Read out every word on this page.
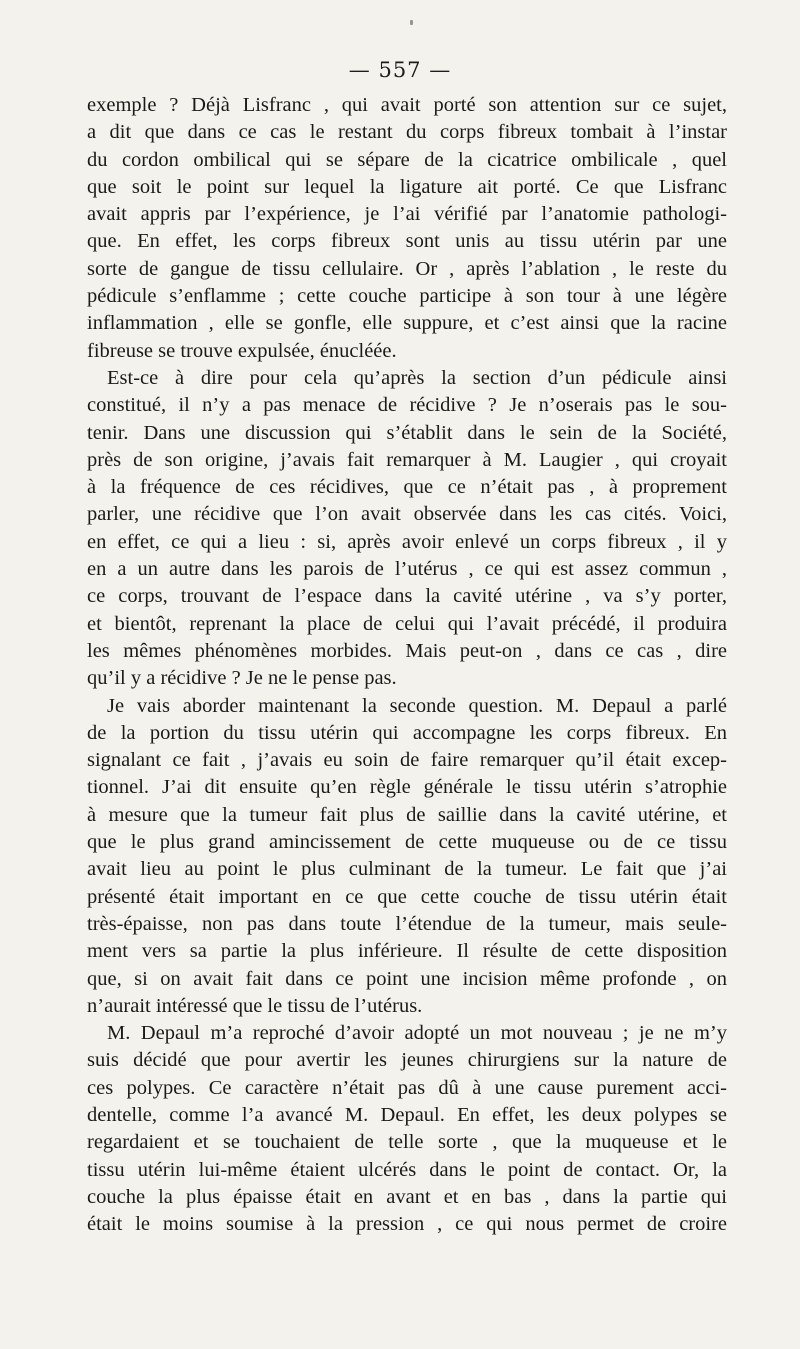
— 557 —
exemple ? Déjà Lisfranc , qui avait porté son attention sur ce sujet,
a dit que dans ce cas le restant du corps fibreux tombait à l’instar
du cordon ombilical qui se sépare de la cicatrice ombilicale , quel
que soit le point sur lequel la ligature ait porté. Ce que Lisfranc
avait appris par l’expérience, je l’ai vérifié par l’anatomie pathologi-
que. En effet, les corps fibreux sont unis au tissu utérin par une
sorte de gangue de tissu cellulaire. Or , après l’ablation , le reste du
pédicule s’enflamme ; cette couche participe à son tour à une légère
inflammation , elle se gonfle, elle suppure, et c’est ainsi que la racine
fibreuse se trouve expulsée, énucléée.
Est-ce à dire pour cela qu’après la section d’un pédicule ainsi
constitué, il n’y a pas menace de récidive ? Je n’oserais pas le sou-
tenir. Dans une discussion qui s’établit dans le sein de la Société,
près de son origine, j’avais fait remarquer à M. Laugier , qui croyait
à la fréquence de ces récidives, que ce n’était pas , à proprement
parler, une récidive que l’on avait observée dans les cas cités. Voici,
en effet, ce qui a lieu : si, après avoir enlevé un corps fibreux , il y
en a un autre dans les parois de l’utérus , ce qui est assez commun ,
ce corps, trouvant de l’espace dans la cavité utérine , va s’y porter,
et bientôt, reprenant la place de celui qui l’avait précédé, il produira
les mêmes phénomènes morbides. Mais peut-on , dans ce cas , dire
qu’il y a récidive ? Je ne le pense pas.
Je vais aborder maintenant la seconde question. M. Depaul a parlé
de la portion du tissu utérin qui accompagne les corps fibreux. En
signalant ce fait , j’avais eu soin de faire remarquer qu’il était excep-
tionnel. J’ai dit ensuite qu’en règle générale le tissu utérin s’atrophie
à mesure que la tumeur fait plus de saillie dans la cavité utérine, et
que le plus grand amincissement de cette muqueuse ou de ce tissu
avait lieu au point le plus culminant de la tumeur. Le fait que j’ai
présenté était important en ce que cette couche de tissu utérin était
très-épaisse, non pas dans toute l’étendue de la tumeur, mais seule-
ment vers sa partie la plus inférieure. Il résulte de cette disposition
que, si on avait fait dans ce point une incision même profonde , on
n’aurait intéressé que le tissu de l’utérus.
M. Depaul m’a reproché d’avoir adopté un mot nouveau ; je ne m’y
suis décidé que pour avertir les jeunes chirurgiens sur la nature de
ces polypes. Ce caractère n’était pas dû à une cause purement acci-
dentelle, comme l’a avancé M. Depaul. En effet, les deux polypes se
regardaient et se touchaient de telle sorte , que la muqueuse et le
tissu utérin lui-même étaient ulcérés dans le point de contact. Or, la
couche la plus épaisse était en avant et en bas , dans la partie qui
était le moins soumise à la pression , ce qui nous permet de croire
